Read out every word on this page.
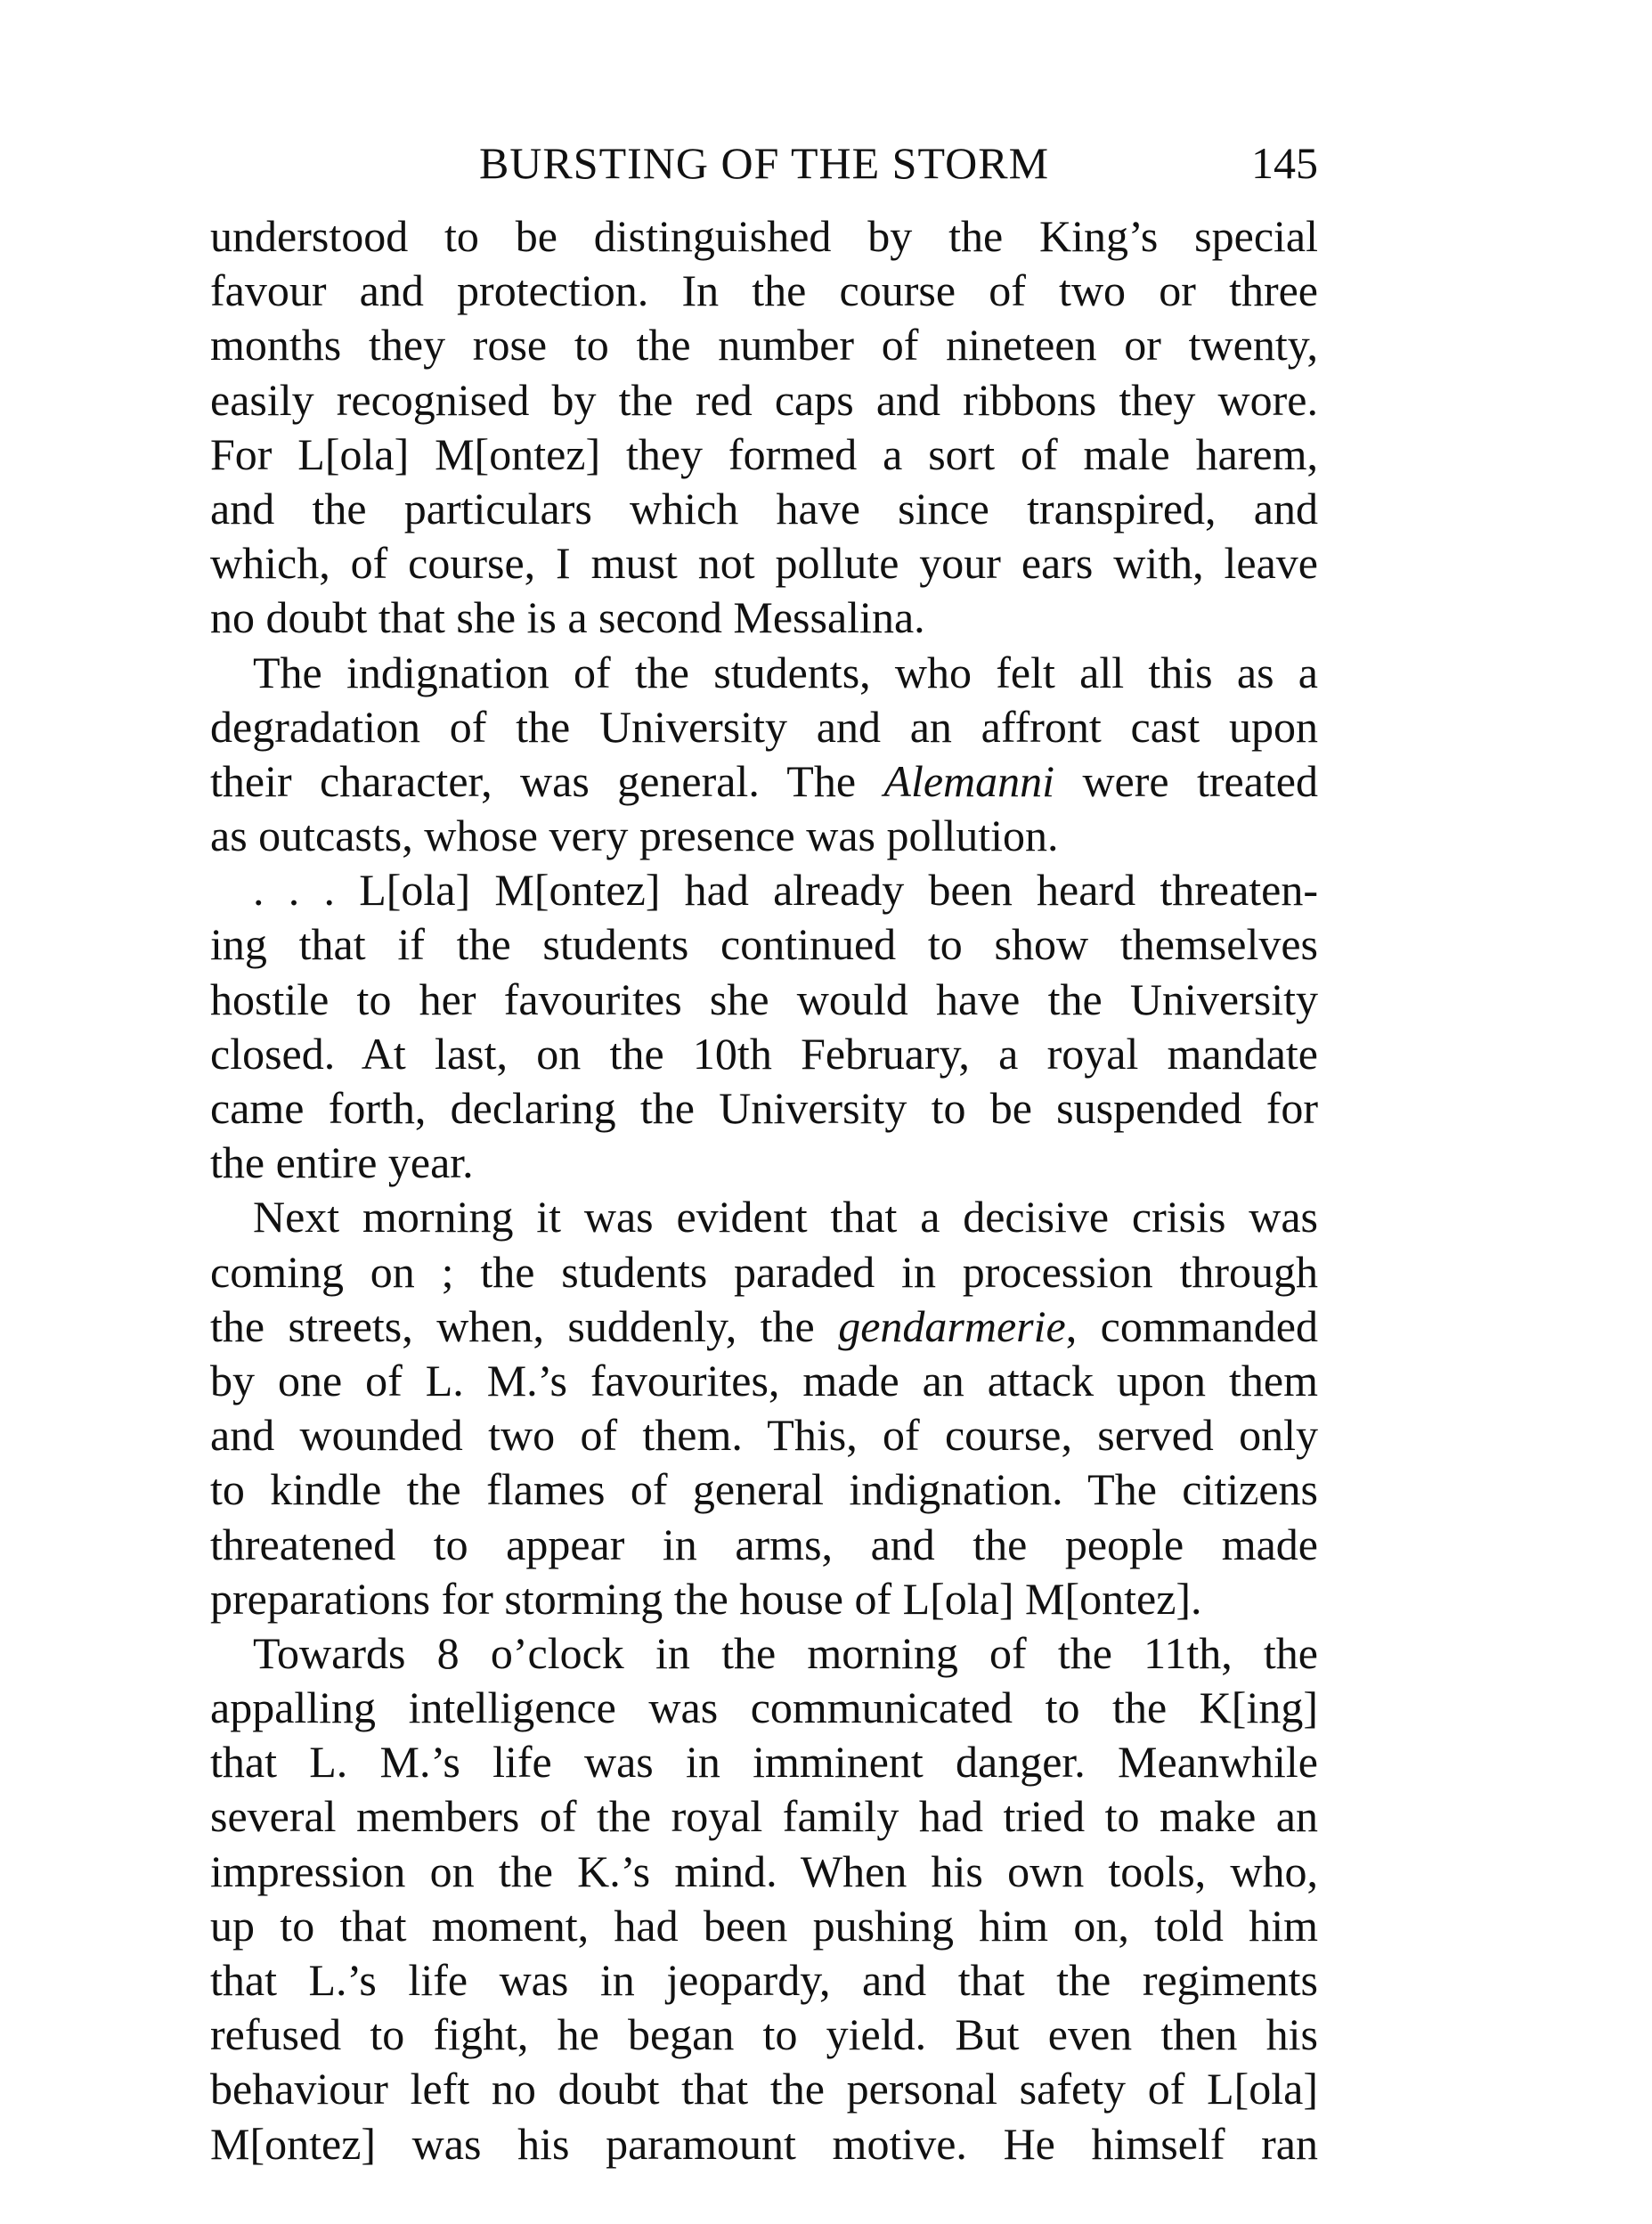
BURSTING OF THE STORM	145
understood to be distinguished by the King’s special
favour and protection. In the course of two or three
months they rose to the number of nineteen or twenty,
easily recognised by the red caps and ribbons they wore.
For L[ola] M[ontez] they formed a sort of male harem,
and the particulars which have since transpired, and
which, of course, I must not pollute your ears with, leave
no doubt that she is a second Messalina.
The indignation of the students, who felt all this as a
degradation of the University and an affront cast upon
their character, was general. The Alemanni were treated
as outcasts, whose very presence was pollution.
. . . L[ola] M[ontez] had already been heard threaten-
ing that if the students continued to show themselves
hostile to her favourites she would have the University
closed. At last, on the 10th February, a royal mandate
came forth, declaring the University to be suspended for
the entire year.
Next morning it was evident that a decisive crisis was
coming on ; the students paraded in procession through
the streets, when, suddenly, the gendarmerie, commanded
by one of L. M.’s favourites, made an attack upon them
and wounded two of them. This, of course, served only
to kindle the flames of general indignation. The citizens
threatened to appear in arms, and the people made
preparations for storming the house of L[ola] M[ontez].
Towards 8 o’clock in the morning of the 11th, the
appalling intelligence was communicated to the K[ing]
that L. M.’s life was in imminent danger. Meanwhile
several members of the royal family had tried to make an
impression on the K.’s mind. When his own tools, who,
up to that moment, had been pushing him on, told him
that L.’s life was in jeopardy, and that the regiments
refused to fight, he began to yield. But even then his
behaviour left no doubt that the personal safety of L[ola]
M[ontez] was his paramount motive. He himself ran
